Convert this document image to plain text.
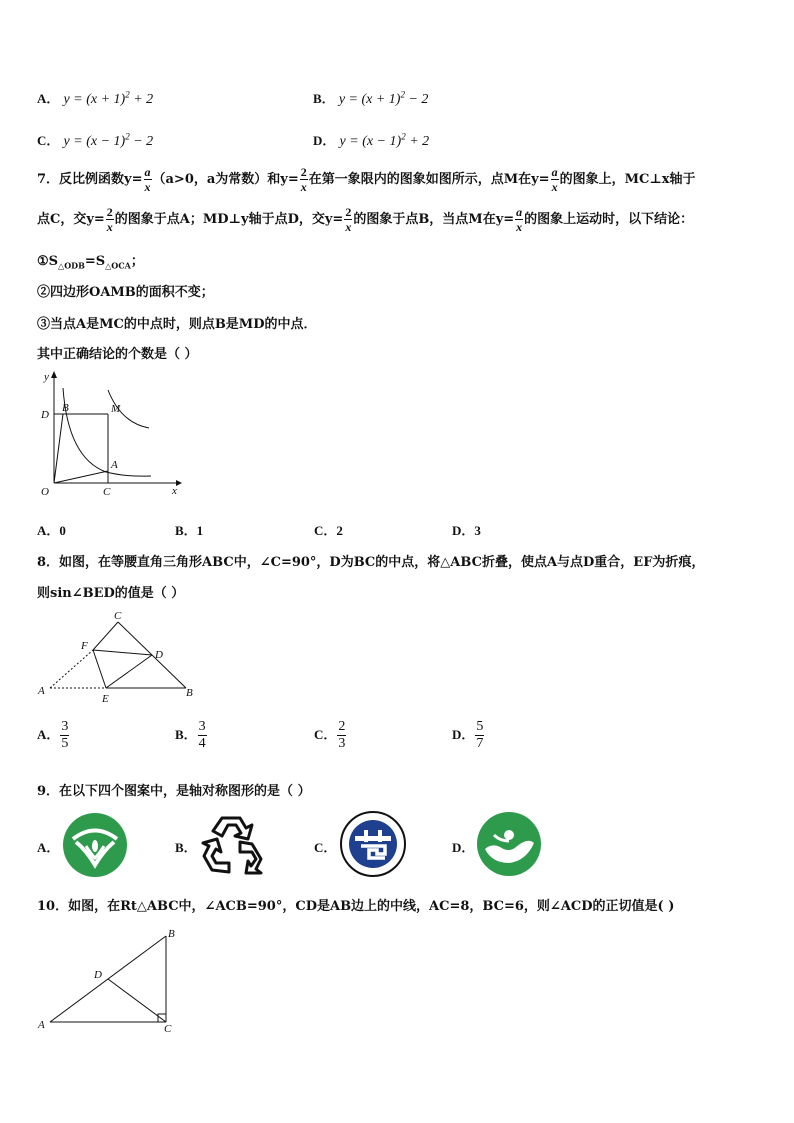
A． $y = (x + 1)^2 + 2$	B． $y = (x + 1)^2 - 2$
C． $y = (x - 1)^2 - 2$	D． $y = (x - 1)^2 + 2$
7．反比例函数$y= \frac{a}{x} (a>0$，a为常数）和$y= \frac{2}{x}$ 在第一象限内的图象如图所示，点M在$y= \frac{a}{x}$ 的图象上，MC⊥x轴于
点C，交$y= \frac{2}{x}$ 的图象于点A；MD⊥y轴于点D，交$y= \frac{2}{x}$ 的图象于点B，当点M在$y= \frac{a}{x}$ 的图象上运动时，以下结论：
$①S_{\triangle ODB}=S_{\triangle OCA}$；
②四边形OAMB的面积不变；
③当点A是MC的中点时，则点B是MD的中点．
其中正确结论的个数是（ ）
y
x
O	C
A
D
B	M
A．0	B．1	C．2	D．3
8．如图，在等腰直角三角形ABC中，∠C=90°，D为BC的中点，将△ABC折叠，使点A与点D重合，EF为折痕，
则sin∠BED的值是（ ）
C
F
D
A
E	B
A． $\frac{3}{5}$	B． $\frac{3}{4}$	C． $\frac{2}{3}$	D． $\frac{5}{7}$
9．在以下四个图案中，是轴对称图形的是（ ）
A．	B．	C．	D．
10．如图，在Rt△ABC中，∠ACB=90°，CD是AB边上的中线，AC=8，BC=6，则∠ACD的正切值是( )
B
D
A	C
